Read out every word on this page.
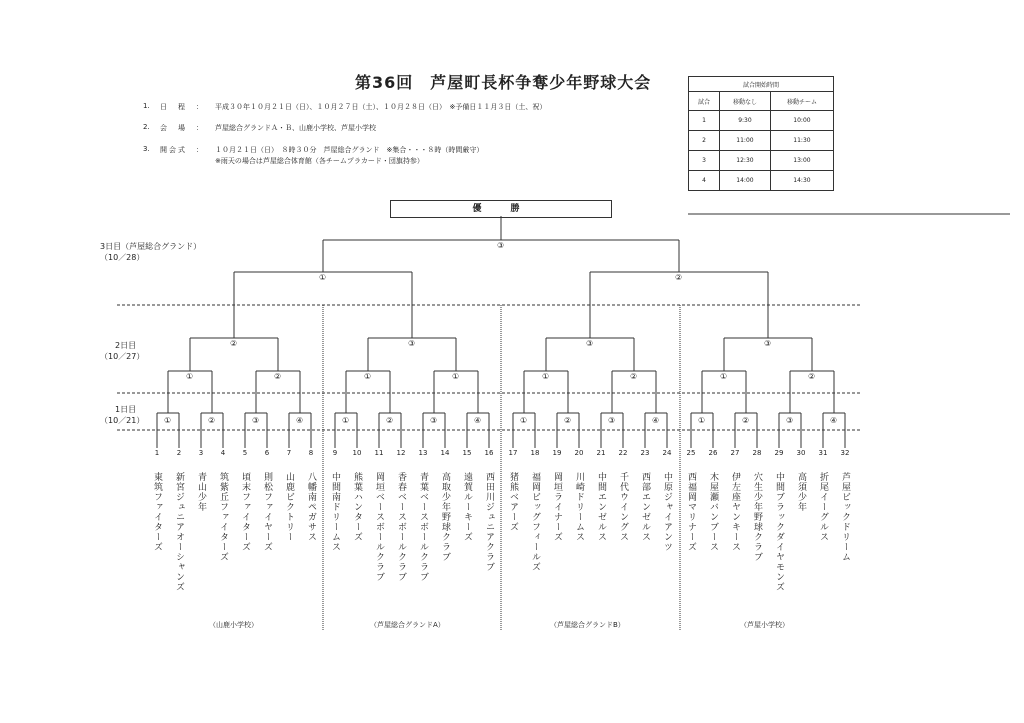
第36回　芦屋町長杯争奪少年野球大会
1. 日　程　： 平成３０年１０月２１日（日）、１０月２７日（土）、１０月２８日（日）　※予備日１１月３日（土、祝）
2. 会　場　： 芦屋総合グランドＡ・Ｂ、山鹿小学校、芦屋小学校
3. 開会式　： １０月２１日（日）　８時３０分　芦屋総合グランド　※集合・・・８時（時間厳守）
※雨天の場合は芦屋総合体育館（各チームプラカード・団旗持参）
試合開始時間		
試合	移動なし	移動チーム
1	9:30	10:00
2	11:00	11:30
3	12:30	13:00
4	14:00	14:30
優　勝
3日目（芦屋総合グランド）
（10／28）
2日目
（10／27）
1日目
（10／21） ①	②	③	④	①	②	③	④	①	②	③	④	①	②	③	④
①	②	①	①	①	②	①	②
②	③	③	③
①	②
③
1
東筑ファイターズ
2
新宮ジュニアオーシャンズ
3
青山少年
4
筑紫丘ファイターズ
5
頃末ファイターズ
6
則松ファイヤーズ
7
山鹿ビクトリー
8
八幡南ペガサス
9
中間南ドリームス
10
熊葉ハンターズ
11
岡垣ベースボールクラブ
12
香春ベースボールクラブ
13
青葉ベースボールクラブ
14
高取少年野球クラブ
15
遠賀ルーキーズ
16
西田川ジュニアクラブ
17
猪熊ベアーズ
18
福岡ビッグフィールズ
19
岡垣ライナーズ
20
川崎ドリームス
21
中間エンゼルス
22
千代ウイングス
23
西部エンゼルス
24
中原ジャイアンツ
25
西福岡マリナーズ
26
木屋瀬バンブース
27
伊左座ヤンキース
28
穴生少年野球クラブ
29
中間ブラックダイヤモンズ
30
高須少年
31
折尾イーグルス
32
芦屋ビックドリーム
（山鹿小学校）	（芦屋総合グランドA）	（芦屋総合グランドB）	（芦屋小学校）
